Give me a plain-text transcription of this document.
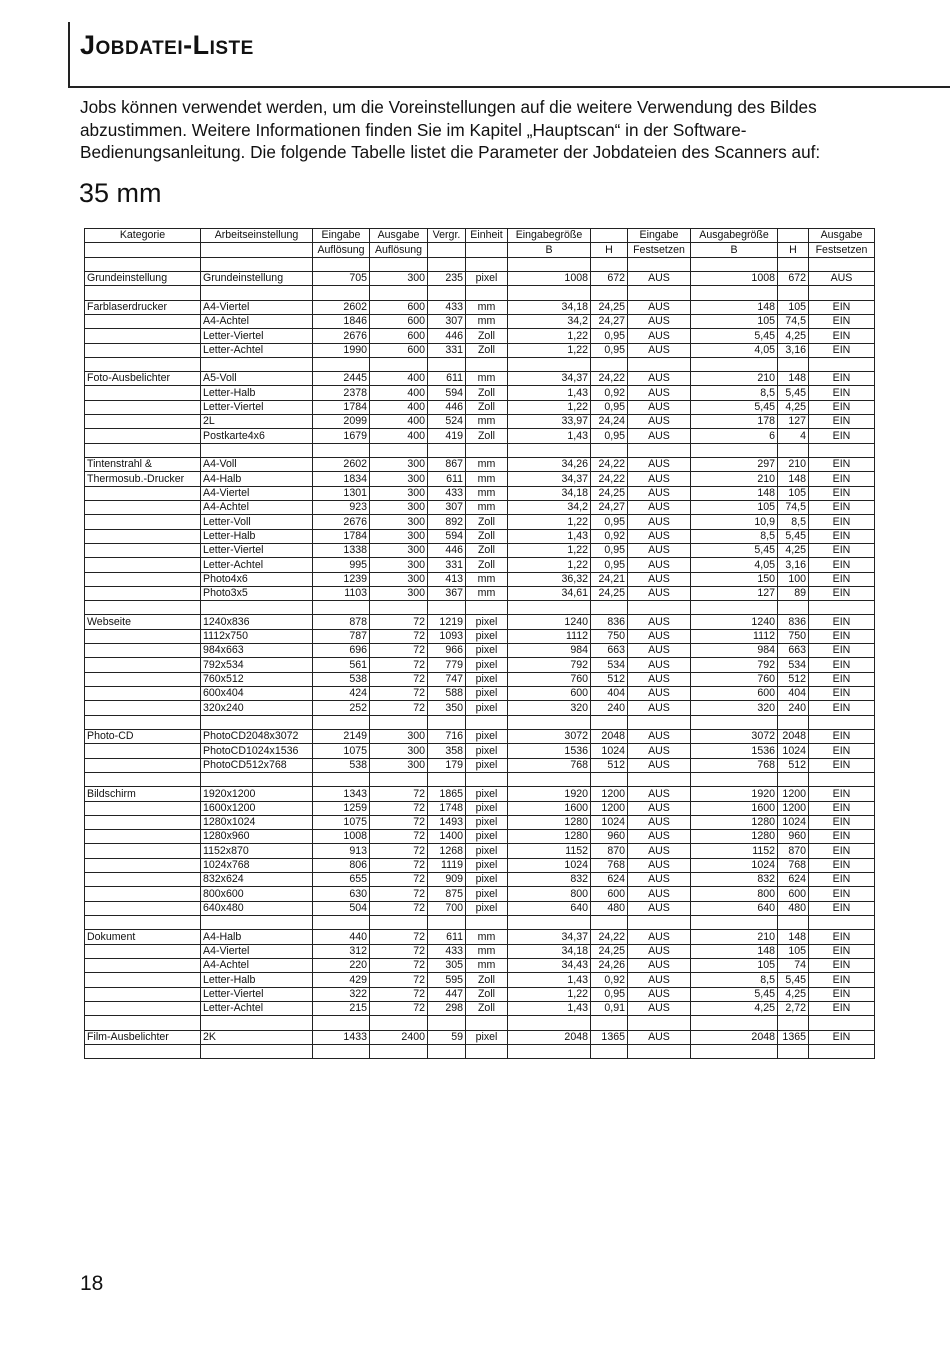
Jobdatei-Liste

Jobs können verwendet werden, um die Voreinstellungen auf die weitere Verwendung des Bildes abzustimmen. Weitere Informationen finden Sie im Kapitel „Hauptscan“ in der Software-Bedienungsanleitung. Die folgende Tabelle listet die Parameter der Jobdateien des Scanners auf:

35 mm
Kategorie	Arbeitseinstellung	Eingabe	Ausgabe	Vergr.	Einheit	Eingabegröße		Eingabe	Ausgabegröße		Ausgabe
		Auflösung	Auflösung			B	H	Festsetzen	B	H	Festsetzen

Grundeinstellung	Grundeinstellung	705	300	235	pixel	1008	672	AUS	1008	672	AUS

Farblaserdrucker	A4-Viertel	2602	600	433	mm	34,18	24,25	AUS	148	105	EIN
	A4-Achtel	1846	600	307	mm	34,2	24,27	AUS	105	74,5	EIN
	Letter-Viertel	2676	600	446	Zoll	1,22	0,95	AUS	5,45	4,25	EIN
	Letter-Achtel	1990	600	331	Zoll	1,22	0,95	AUS	4,05	3,16	EIN

Foto-Ausbelichter	A5-Voll	2445	400	611	mm	34,37	24,22	AUS	210	148	EIN
	Letter-Halb	2378	400	594	Zoll	1,43	0,92	AUS	8,5	5,45	EIN
	Letter-Viertel	1784	400	446	Zoll	1,22	0,95	AUS	5,45	4,25	EIN
	2L	2099	400	524	mm	33,97	24,24	AUS	178	127	EIN
	Postkarte4x6	1679	400	419	Zoll	1,43	0,95	AUS	6	4	EIN

Tintenstrahl &	A4-Voll	2602	300	867	mm	34,26	24,22	AUS	297	210	EIN
Thermosub.-Drucker	A4-Halb	1834	300	611	mm	34,37	24,22	AUS	210	148	EIN
	A4-Viertel	1301	300	433	mm	34,18	24,25	AUS	148	105	EIN
	A4-Achtel	923	300	307	mm	34,2	24,27	AUS	105	74,5	EIN
	Letter-Voll	2676	300	892	Zoll	1,22	0,95	AUS	10,9	8,5	EIN
	Letter-Halb	1784	300	594	Zoll	1,43	0,92	AUS	8,5	5,45	EIN
	Letter-Viertel	1338	300	446	Zoll	1,22	0,95	AUS	5,45	4,25	EIN
	Letter-Achtel	995	300	331	Zoll	1,22	0,95	AUS	4,05	3,16	EIN
	Photo4x6	1239	300	413	mm	36,32	24,21	AUS	150	100	EIN
	Photo3x5	1103	300	367	mm	34,61	24,25	AUS	127	89	EIN

Webseite	1240x836	878	72	1219	pixel	1240	836	AUS	1240	836	EIN
	1112x750	787	72	1093	pixel	1112	750	AUS	1112	750	EIN
	984x663	696	72	966	pixel	984	663	AUS	984	663	EIN
	792x534	561	72	779	pixel	792	534	AUS	792	534	EIN
	760x512	538	72	747	pixel	760	512	AUS	760	512	EIN
	600x404	424	72	588	pixel	600	404	AUS	600	404	EIN
	320x240	252	72	350	pixel	320	240	AUS	320	240	EIN

Photo-CD	PhotoCD2048x3072	2149	300	716	pixel	3072	2048	AUS	3072	2048	EIN
	PhotoCD1024x1536	1075	300	358	pixel	1536	1024	AUS	1536	1024	EIN
	PhotoCD512x768	538	300	179	pixel	768	512	AUS	768	512	EIN

Bildschirm	1920x1200	1343	72	1865	pixel	1920	1200	AUS	1920	1200	EIN
	1600x1200	1259	72	1748	pixel	1600	1200	AUS	1600	1200	EIN
	1280x1024	1075	72	1493	pixel	1280	1024	AUS	1280	1024	EIN
	1280x960	1008	72	1400	pixel	1280	960	AUS	1280	960	EIN
	1152x870	913	72	1268	pixel	1152	870	AUS	1152	870	EIN
	1024x768	806	72	1119	pixel	1024	768	AUS	1024	768	EIN
	832x624	655	72	909	pixel	832	624	AUS	832	624	EIN
	800x600	630	72	875	pixel	800	600	AUS	800	600	EIN
	640x480	504	72	700	pixel	640	480	AUS	640	480	EIN

Dokument	A4-Halb	440	72	611	mm	34,37	24,22	AUS	210	148	EIN
	A4-Viertel	312	72	433	mm	34,18	24,25	AUS	148	105	EIN
	A4-Achtel	220	72	305	mm	34,43	24,26	AUS	105	74	EIN
	Letter-Halb	429	72	595	Zoll	1,43	0,92	AUS	8,5	5,45	EIN
	Letter-Viertel	322	72	447	Zoll	1,22	0,95	AUS	5,45	4,25	EIN
	Letter-Achtel	215	72	298	Zoll	1,43	0,91	AUS	4,25	2,72	EIN

Film-Ausbelichter	2K	1433	2400	59	pixel	2048	1365	AUS	2048	1365	EIN

18
